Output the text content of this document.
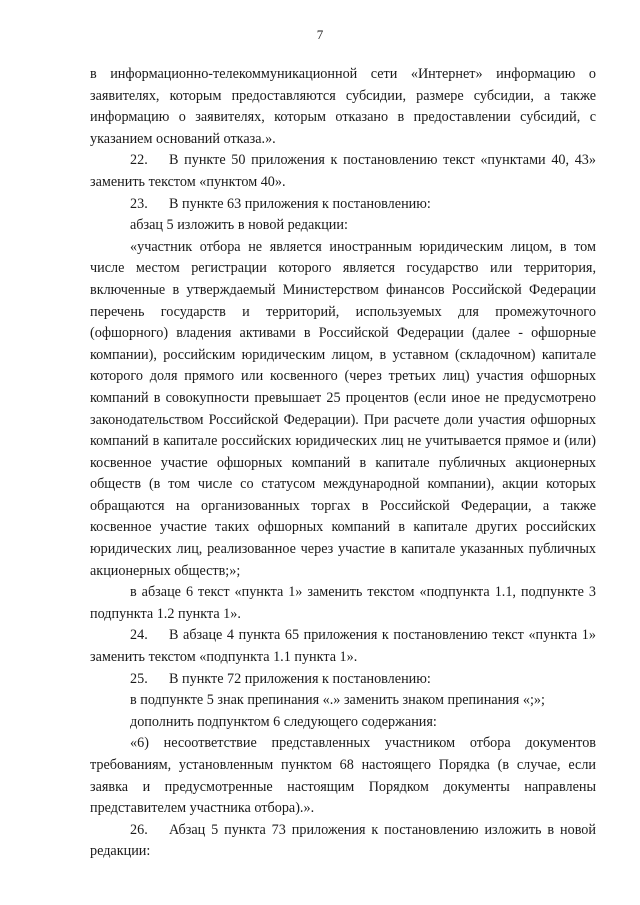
7

в информационно-телекоммуникационной сети «Интернет» информацию о заявителях, которым предоставляются субсидии, размере субсидии, а также информацию о заявителях, которым отказано в предоставлении субсидий, с указанием оснований отказа.».

22. В пункте 50 приложения к постановлению текст «пунктами 40, 43» заменить текстом «пунктом 40».

23. В пункте 63 приложения к постановлению:

абзац 5 изложить в новой редакции:

«участник отбора не является иностранным юридическим лицом, в том числе местом регистрации которого является государство или территория, включенные в утверждаемый Министерством финансов Российской Федерации перечень государств и территорий, используемых для промежуточного (офшорного) владения активами в Российской Федерации (далее - офшорные компании), российским юридическим лицом, в уставном (складочном) капитале которого доля прямого или косвенного (через третьих лиц) участия офшорных компаний в совокупности превышает 25 процентов (если иное не предусмотрено законодательством Российской Федерации). При расчете доли участия офшорных компаний в капитале российских юридических лиц не учитывается прямое и (или) косвенное участие офшорных компаний в капитале публичных акционерных обществ (в том числе со статусом международной компании), акции которых обращаются на организованных торгах в Российской Федерации, а также косвенное участие таких офшорных компаний в капитале других российских юридических лиц, реализованное через участие в капитале указанных публичных акционерных обществ;»;

в абзаце 6 текст «пункта 1» заменить текстом «подпункта 1.1, подпункте 3 подпункта 1.2 пункта 1».

24. В абзаце 4 пункта 65 приложения к постановлению текст «пункта 1» заменить текстом «подпункта 1.1 пункта 1».

25. В пункте 72 приложения к постановлению:

в подпункте 5 знак препинания «.» заменить знаком препинания «;»;

дополнить подпунктом 6 следующего содержания:

«6) несоответствие представленных участником отбора документов требованиям, установленным пунктом 68 настоящего Порядка (в случае, если заявка и предусмотренные настоящим Порядком документы направлены представителем участника отбора).».

26. Абзац 5 пункта 73 приложения к постановлению изложить в новой редакции:
